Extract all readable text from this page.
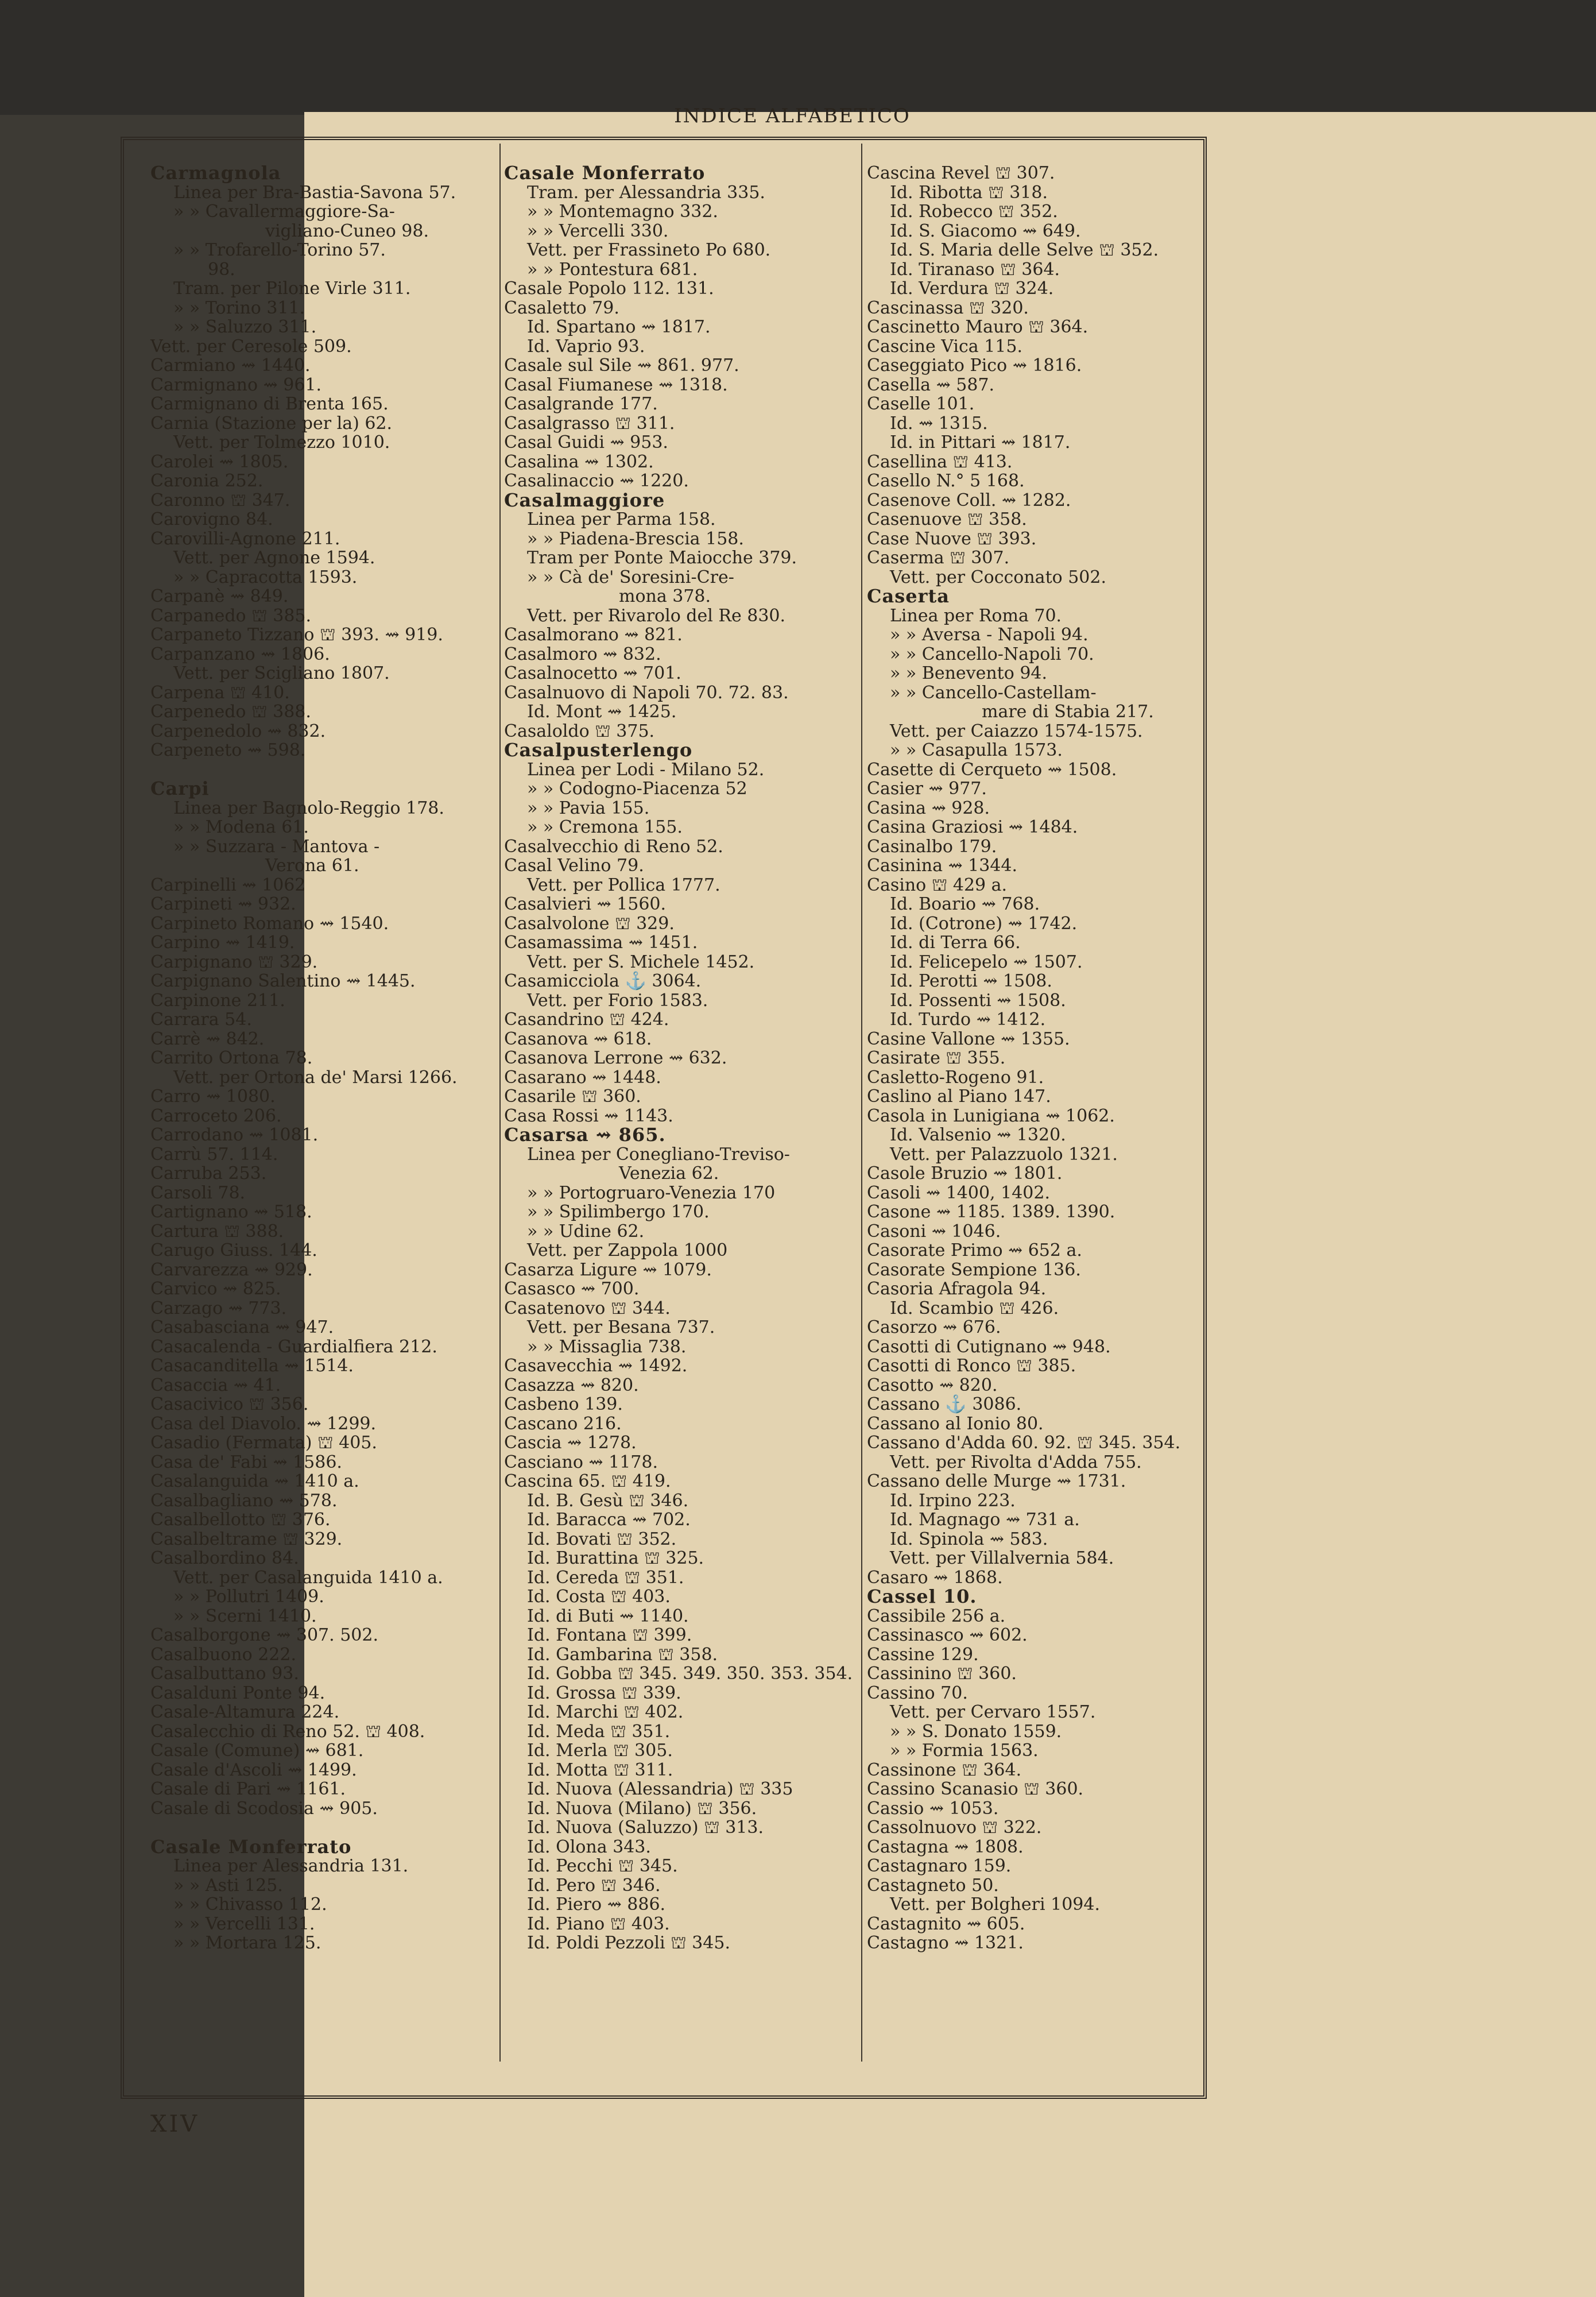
INDICE ALFABETICO
Carmagnola
Linea per Bra-Bastia-Savona 57.
» » Cavallermaggiore-Sa-
vigliano-Cuneo 98.
» » Trofarello-Torino 57.
98.
Tram. per Pilone Virle 311.
» » Torino 311.
» » Saluzzo 311.
Vett. per Ceresole 509.
Carmiano ⇝ 1440.
Carmignano ⇝ 961.
Carmignano di Brenta 165.
Carnia (Stazione per la) 62.
Vett. per Tolmezzo 1010.
Carolei ⇝ 1805.
Caronia 252.
Caronno ⛫ 347.
Carovigno 84.
Carovilli-Agnone 211.
Vett. per Agnone 1594.
» » Capracotta 1593.
Carpanè ⇝ 849.
Carpanedo ⛫ 385.
Carpaneto Tizzano ⛫ 393. ⇝ 919.
Carpanzano ⇝ 1806.
Vett. per Scigliano 1807.
Carpena ⛫ 410.
Carpenedo ⛫ 388.
Carpenedolo ⇝ 832.
Carpeneto ⇝ 598.
Carpi
Linea per Bagnolo-Reggio 178.
» » Modena 61.
» » Suzzara - Mantova -
Verona 61.
Carpinelli ⇝ 1062
Carpineti ⇝ 932.
Carpineto Romano ⇝ 1540.
Carpino ⇝ 1419.
Carpignano ⛫ 329.
Carpignano Salentino ⇝ 1445.
Carpinone 211.
Carrara 54.
Carrè ⇝ 842.
Carrito Ortona 78.
Vett. per Ortona de' Marsi 1266.
Carro ⇝ 1080.
Carroceto 206.
Carrodano ⇝ 1081.
Carrù 57. 114.
Carruba 253.
Carsoli 78.
Cartignano ⇝ 518.
Cartura ⛫ 388.
Carugo Giuss. 144.
Carvarezza ⇝ 929.
Carvico ⇝ 825.
Carzago ⇝ 773.
Casabasciana ⇝ 947.
Casacalenda - Guardialfiera 212.
Casacanditella ⇝ 1514.
Casaccia ⇝ 41.
Casacivico ⛫ 356.
Casa del Diavolo. ⇝ 1299.
Casadio (Fermata) ⛫ 405.
Casa de' Fabi ⇝ 1586.
Casalanguida ⇝ 1410 a.
Casalbagliano ⇝ 578.
Casalbellotto ⛫ 376.
Casalbeltrame ⛫ 329.
Casalbordino 84.
Vett. per Casalanguida 1410 a.
» » Pollutri 1409.
» » Scerni 1410.
Casalborgone ⇝ 307. 502.
Casalbuono 222.
Casalbuttano 93.
Casalduni Ponte 94.
Casale-Altamura 224.
Casalecchio di Reno 52. ⛫ 408.
Casale (Comune) ⇝ 681.
Casale d'Ascoli ⇝ 1499.
Casale di Pari ⇝ 1161.
Casale di Scodosia ⇝ 905.
Casale Monferrato
Linea per Alessandria 131.
» » Asti 125.
» » Chivasso 112.
» » Vercelli 131.
» » Mortara 125.
Casale Monferrato
Tram. per Alessandria 335.
» » Montemagno 332.
» » Vercelli 330.
Vett. per Frassineto Po 680.
» » Pontestura 681.
Casale Popolo 112. 131.
Casaletto 79.
Id. Spartano ⇝ 1817.
Id. Vaprio 93.
Casale sul Sile ⇝ 861. 977.
Casal Fiumanese ⇝ 1318.
Casalgrande 177.
Casalgrasso ⛫ 311.
Casal Guidi ⇝ 953.
Casalina ⇝ 1302.
Casalinaccio ⇝ 1220.
Casalmaggiore
Linea per Parma 158.
» » Piadena-Brescia 158.
Tram per Ponte Maiocche 379.
» » Cà de' Soresini-Cre-
mona 378.
Vett. per Rivarolo del Re 830.
Casalmorano ⇝ 821.
Casalmoro ⇝ 832.
Casalnocetto ⇝ 701.
Casalnuovo di Napoli 70. 72. 83.
Id. Mont ⇝ 1425.
Casaloldo ⛫ 375.
Casalpusterlengo
Linea per Lodi - Milano 52.
» » Codogno-Piacenza 52
» » Pavia 155.
» » Cremona 155.
Casalvecchio di Reno 52.
Casal Velino 79.
Vett. per Pollica 1777.
Casalvieri ⇝ 1560.
Casalvolone ⛫ 329.
Casamassima ⇝ 1451.
Vett. per S. Michele 1452.
Casamicciola ⚓ 3064.
Vett. per Forio 1583.
Casandrino ⛫ 424.
Casanova ⇝ 618.
Casanova Lerrone ⇝ 632.
Casarano ⇝ 1448.
Casarile ⛫ 360.
Casa Rossi ⇝ 1143.
Casarsa ⇝ 865.
Linea per Conegliano-Treviso-
Venezia 62.
» » Portogruaro-Venezia 170
» » Spilimbergo 170.
» » Udine 62.
Vett. per Zappola 1000
Casarza Ligure ⇝ 1079.
Casasco ⇝ 700.
Casatenovo ⛫ 344.
Vett. per Besana 737.
» » Missaglia 738.
Casavecchia ⇝ 1492.
Casazza ⇝ 820.
Casbeno 139.
Cascano 216.
Cascia ⇝ 1278.
Casciano ⇝ 1178.
Cascina 65. ⛫ 419.
Id. B. Gesù ⛫ 346.
Id. Baracca ⇝ 702.
Id. Bovati ⛫ 352.
Id. Burattina ⛫ 325.
Id. Cereda ⛫ 351.
Id. Costa ⛫ 403.
Id. di Buti ⇝ 1140.
Id. Fontana ⛫ 399.
Id. Gambarina ⛫ 358.
Id. Gobba ⛫ 345. 349. 350. 353. 354.
Id. Grossa ⛫ 339.
Id. Marchi ⛫ 402.
Id. Meda ⛫ 351.
Id. Merla ⛫ 305.
Id. Motta ⛫ 311.
Id. Nuova (Alessandria) ⛫ 335
Id. Nuova (Milano) ⛫ 356.
Id. Nuova (Saluzzo) ⛫ 313.
Id. Olona 343.
Id. Pecchi ⛫ 345.
Id. Pero ⛫ 346.
Id. Piero ⇝ 886.
Id. Piano ⛫ 403.
Id. Poldi Pezzoli ⛫ 345.
Cascina Revel ⛫ 307.
Id. Ribotta ⛫ 318.
Id. Robecco ⛫ 352.
Id. S. Giacomo ⇝ 649.
Id. S. Maria delle Selve ⛫ 352.
Id. Tiranaso ⛫ 364.
Id. Verdura ⛫ 324.
Cascinassa ⛫ 320.
Cascinetto Mauro ⛫ 364.
Cascine Vica 115.
Caseggiato Pico ⇝ 1816.
Casella ⇝ 587.
Caselle 101.
Id. ⇝ 1315.
Id. in Pittari ⇝ 1817.
Casellina ⛫ 413.
Casello N.° 5 168.
Casenove Coll. ⇝ 1282.
Casenuove ⛫ 358.
Case Nuove ⛫ 393.
Caserma ⛫ 307.
Vett. per Cocconato 502.
Caserta
Linea per Roma 70.
» » Aversa - Napoli 94.
» » Cancello-Napoli 70.
» » Benevento 94.
» » Cancello-Castellam-
mare di Stabia 217.
Vett. per Caiazzo 1574-1575.
» » Casapulla 1573.
Casette di Cerqueto ⇝ 1508.
Casier ⇝ 977.
Casina ⇝ 928.
Casina Graziosi ⇝ 1484.
Casinalbo 179.
Casinina ⇝ 1344.
Casino ⛫ 429 a.
Id. Boario ⇝ 768.
Id. (Cotrone) ⇝ 1742.
Id. di Terra 66.
Id. Felicepelo ⇝ 1507.
Id. Perotti ⇝ 1508.
Id. Possenti ⇝ 1508.
Id. Turdo ⇝ 1412.
Casine Vallone ⇝ 1355.
Casirate ⛫ 355.
Casletto-Rogeno 91.
Caslino al Piano 147.
Casola in Lunigiana ⇝ 1062.
Id. Valsenio ⇝ 1320.
Vett. per Palazzuolo 1321.
Casole Bruzio ⇝ 1801.
Casoli ⇝ 1400, 1402.
Casone ⇝ 1185. 1389. 1390.
Casoni ⇝ 1046.
Casorate Primo ⇝ 652 a.
Casorate Sempione 136.
Casoria Afragola 94.
Id. Scambio ⛫ 426.
Casorzo ⇝ 676.
Casotti di Cutignano ⇝ 948.
Casotti di Ronco ⛫ 385.
Casotto ⇝ 820.
Cassano ⚓ 3086.
Cassano al Ionio 80.
Cassano d'Adda 60. 92. ⛫ 345. 354.
Vett. per Rivolta d'Adda 755.
Cassano delle Murge ⇝ 1731.
Id. Irpino 223.
Id. Magnago ⇝ 731 a.
Id. Spinola ⇝ 583.
Vett. per Villalvernia 584.
Casaro ⇝ 1868.
Cassel 10.
Cassibile 256 a.
Cassinasco ⇝ 602.
Cassine 129.
Cassinino ⛫ 360.
Cassino 70.
Vett. per Cervaro 1557.
» » S. Donato 1559.
» » Formia 1563.
Cassinone ⛫ 364.
Cassino Scanasio ⛫ 360.
Cassio ⇝ 1053.
Cassolnuovo ⛫ 322.
Castagna ⇝ 1808.
Castagnaro 159.
Castagneto 50.
Vett. per Bolgheri 1094.
Castagnito ⇝ 605.
Castagno ⇝ 1321.
XIV
